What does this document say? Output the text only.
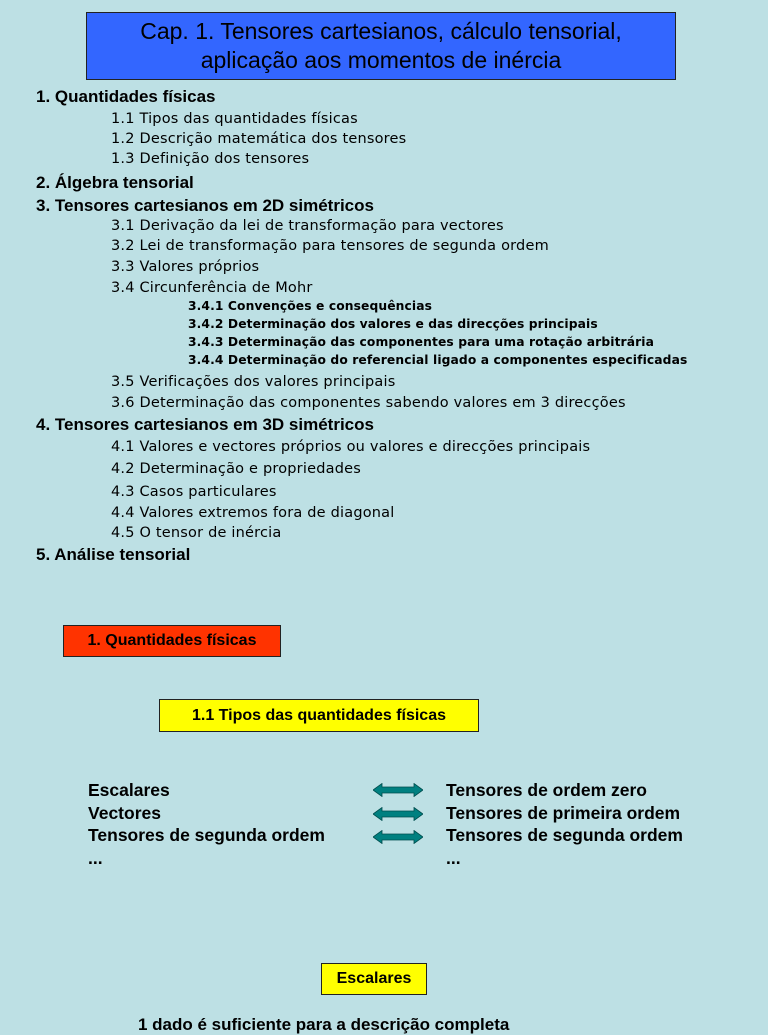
Cap. 1. Tensores cartesianos, cálculo tensorial,
aplicação aos momentos de inércia
1. Quantidades físicas
1.1 Tipos das quantidades físicas
1.2 Descrição matemática dos tensores
1.3 Definição dos tensores
2. Álgebra tensorial
3. Tensores cartesianos em 2D simétricos
3.1 Derivação da lei de transformação para vectores
3.2 Lei de transformação para tensores de segunda ordem
3.3 Valores próprios
3.4 Circunferência de Mohr
3.4.1 Convenções e consequências
3.4.2 Determinação dos valores e das direcções principais
3.4.3 Determinação das componentes para uma rotação arbitrária
3.4.4 Determinação do referencial ligado a componentes especificadas
3.5 Verificações dos valores principais
3.6 Determinação das componentes sabendo valores em 3 direcções
4. Tensores cartesianos em 3D simétricos
4.1 Valores e vectores próprios ou valores e direcções principais
4.2 Determinação e propriedades
4.3 Casos particulares
4.4 Valores extremos fora de diagonal
4.5 O tensor de inércia
5. Análise tensorial
1. Quantidades físicas
1.1 Tipos das quantidades físicas
Escalares	Tensores de ordem zero
Vectores	Tensores de primeira ordem
Tensores de segunda ordem	Tensores de segunda ordem
...	...
Escalares
1 dado é suficiente para a descrição completa
